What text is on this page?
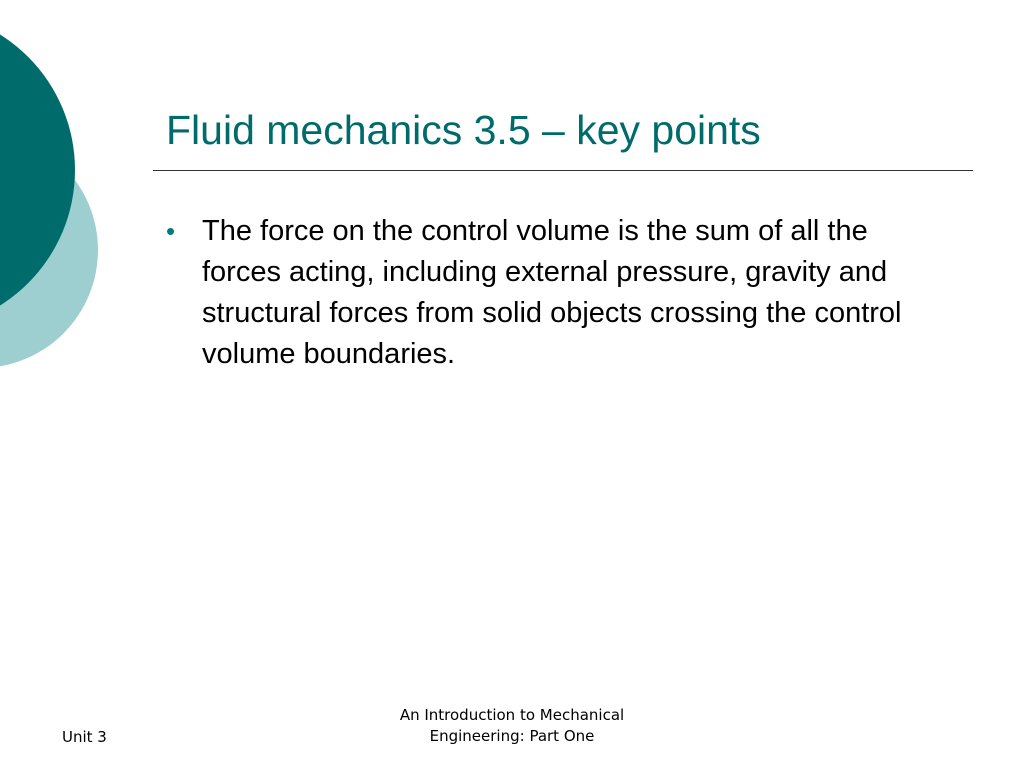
Fluid mechanics 3.5 – key points
• The force on the control volume is the sum of all the forces acting, including external pressure, gravity and structural forces from solid objects crossing the control volume boundaries.
Unit 3
An Introduction to Mechanical
Engineering: Part One
